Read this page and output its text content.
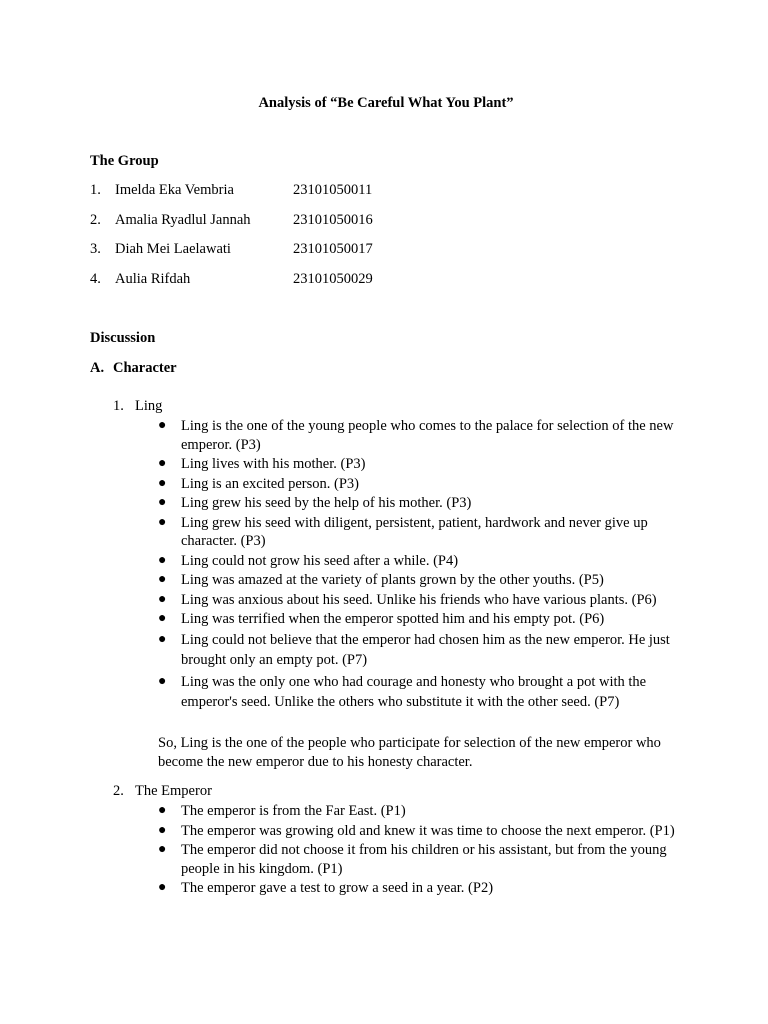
Analysis of “Be Careful What You Plant”
The Group
1. Imelda Eka Vembria	23101050011
2. Amalia Ryadlul Jannah	23101050016
3. Diah Mei Laelawati	23101050017
4. Aulia Rifdah	23101050029
Discussion
A. Character
1. Ling
● Ling is the one of the young people who comes to the palace for selection of the new emperor. (P3)
● Ling lives with his mother. (P3)
● Ling is an excited person. (P3)
● Ling grew his seed by the help of his mother. (P3)
● Ling grew his seed with diligent, persistent, patient, hardwork and never give up character. (P3)
● Ling could not grow his seed after a while. (P4)
● Ling was amazed at the variety of plants grown by the other youths. (P5)
● Ling was anxious about his seed. Unlike his friends who have various plants. (P6)
● Ling was terrified when the emperor spotted him and his empty pot. (P6)
● Ling could not believe that the emperor had chosen him as the new emperor. He just brought only an empty pot. (P7)
● Ling was the only one who had courage and honesty who brought a pot with the emperor's seed. Unlike the others who substitute it with the other seed. (P7)
So, Ling is the one of the people who participate for selection of the new emperor who become the new emperor due to his honesty character.
2. The Emperor
● The emperor is from the Far East. (P1)
● The emperor was growing old and knew it was time to choose the next emperor. (P1)
● The emperor did not choose it from his children or his assistant, but from the young people in his kingdom. (P1)
● The emperor gave a test to grow a seed in a year. (P2)
